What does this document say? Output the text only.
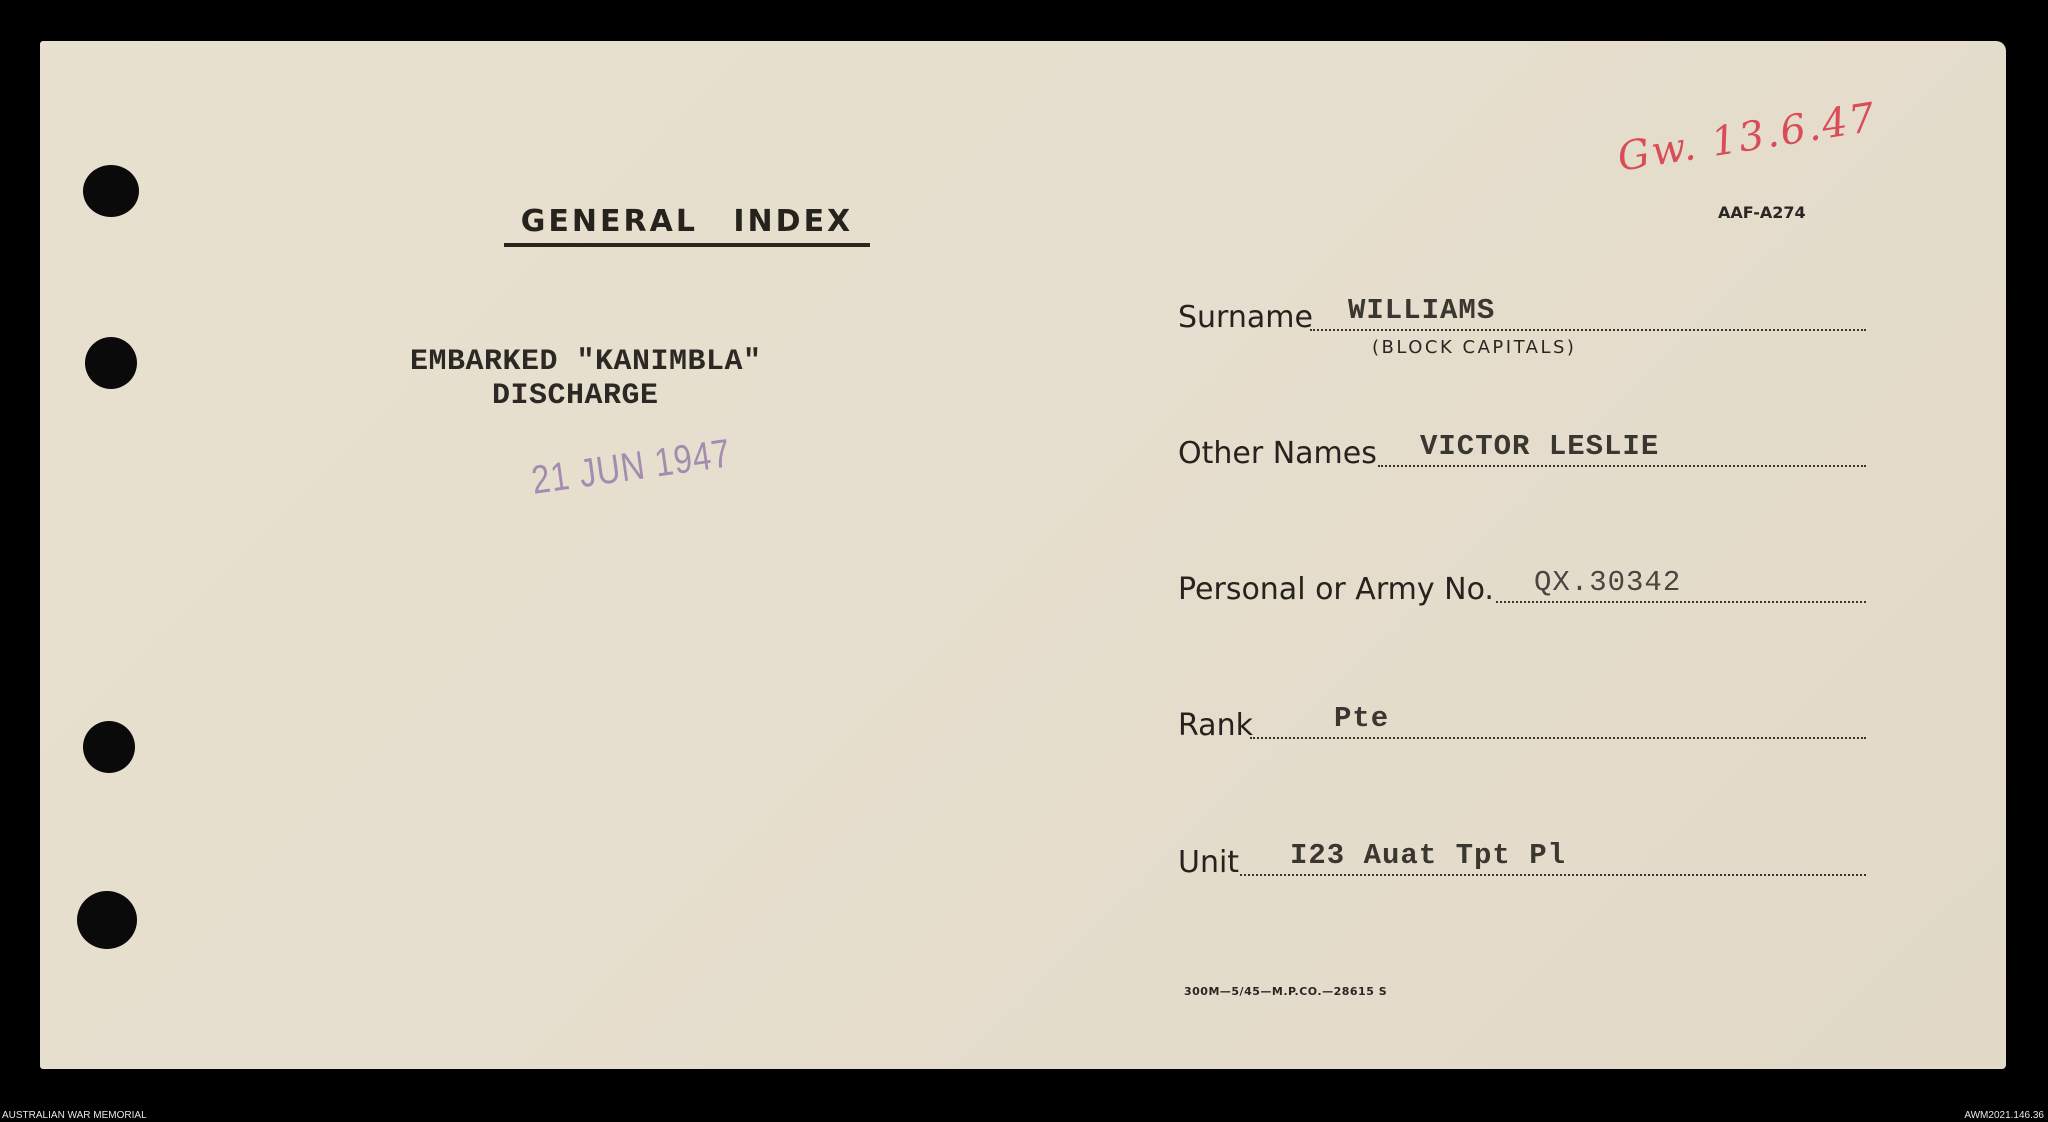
GENERAL INDEX
EMBARKED "KANIMBLA"
DISCHARGE
21 JUN 1947
Gw. 13.6.47
AAF-A274
Surname WILLIAMS
(BLOCK CAPITALS)
Other Names VICTOR LESLIE
Personal or Army No. QX.30342
Rank	Pte
Unit I23 Auat Tpt Pl
300M—5/45—M.P.CO.—28615 S
AUSTRALIAN WAR MEMORIAL	AWM2021.146.36
